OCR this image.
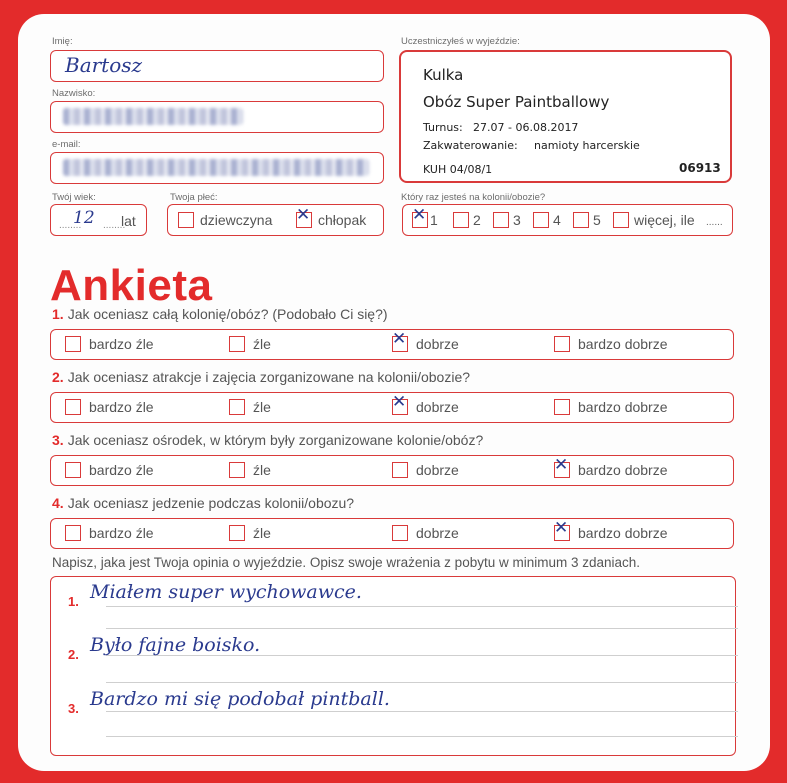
Imię:
Bartosz
Nazwisko:
e-mail:
Twój wiek:
........
12 ........
lat
Twoja płeć:
dziewczyna ✕ chłopak
Uczestniczyłeś w wyjeździe:
Kulka
Obóz Super Paintballowy
Turnus: 27.07 - 06.08.2017
Zakwaterowanie: namioty harcerskie
KUH 04/08/1	06913
Który raz jesteś na kolonii/obozie?
✕ 1	2 3 4 5 więcej, ile ......
Ankieta
1. Jak oceniasz całą kolonię/obóz? (Podobało Ci się?)
bardzo źle	źle	✕ dobrze	bardzo dobrze
2. Jak oceniasz atrakcje i zajęcia zorganizowane na kolonii/obozie?
bardzo źle	źle	✕ dobrze	bardzo dobrze
3. Jak oceniasz ośrodek, w którym były zorganizowane kolonie/obóz?
bardzo źle	źle	dobrze	✕ bardzo dobrze
4. Jak oceniasz jedzenie podczas kolonii/obozu?
bardzo źle	źle	dobrze	✕ bardzo dobrze
Napisz, jaka jest Twoja opinia o wyjeździe. Opisz swoje wrażenia z pobytu w minimum 3 zdaniach.
1. Miałem super wychowawce.
2. Było fajne boisko.
3. Bardzo mi się podobał pintball.
